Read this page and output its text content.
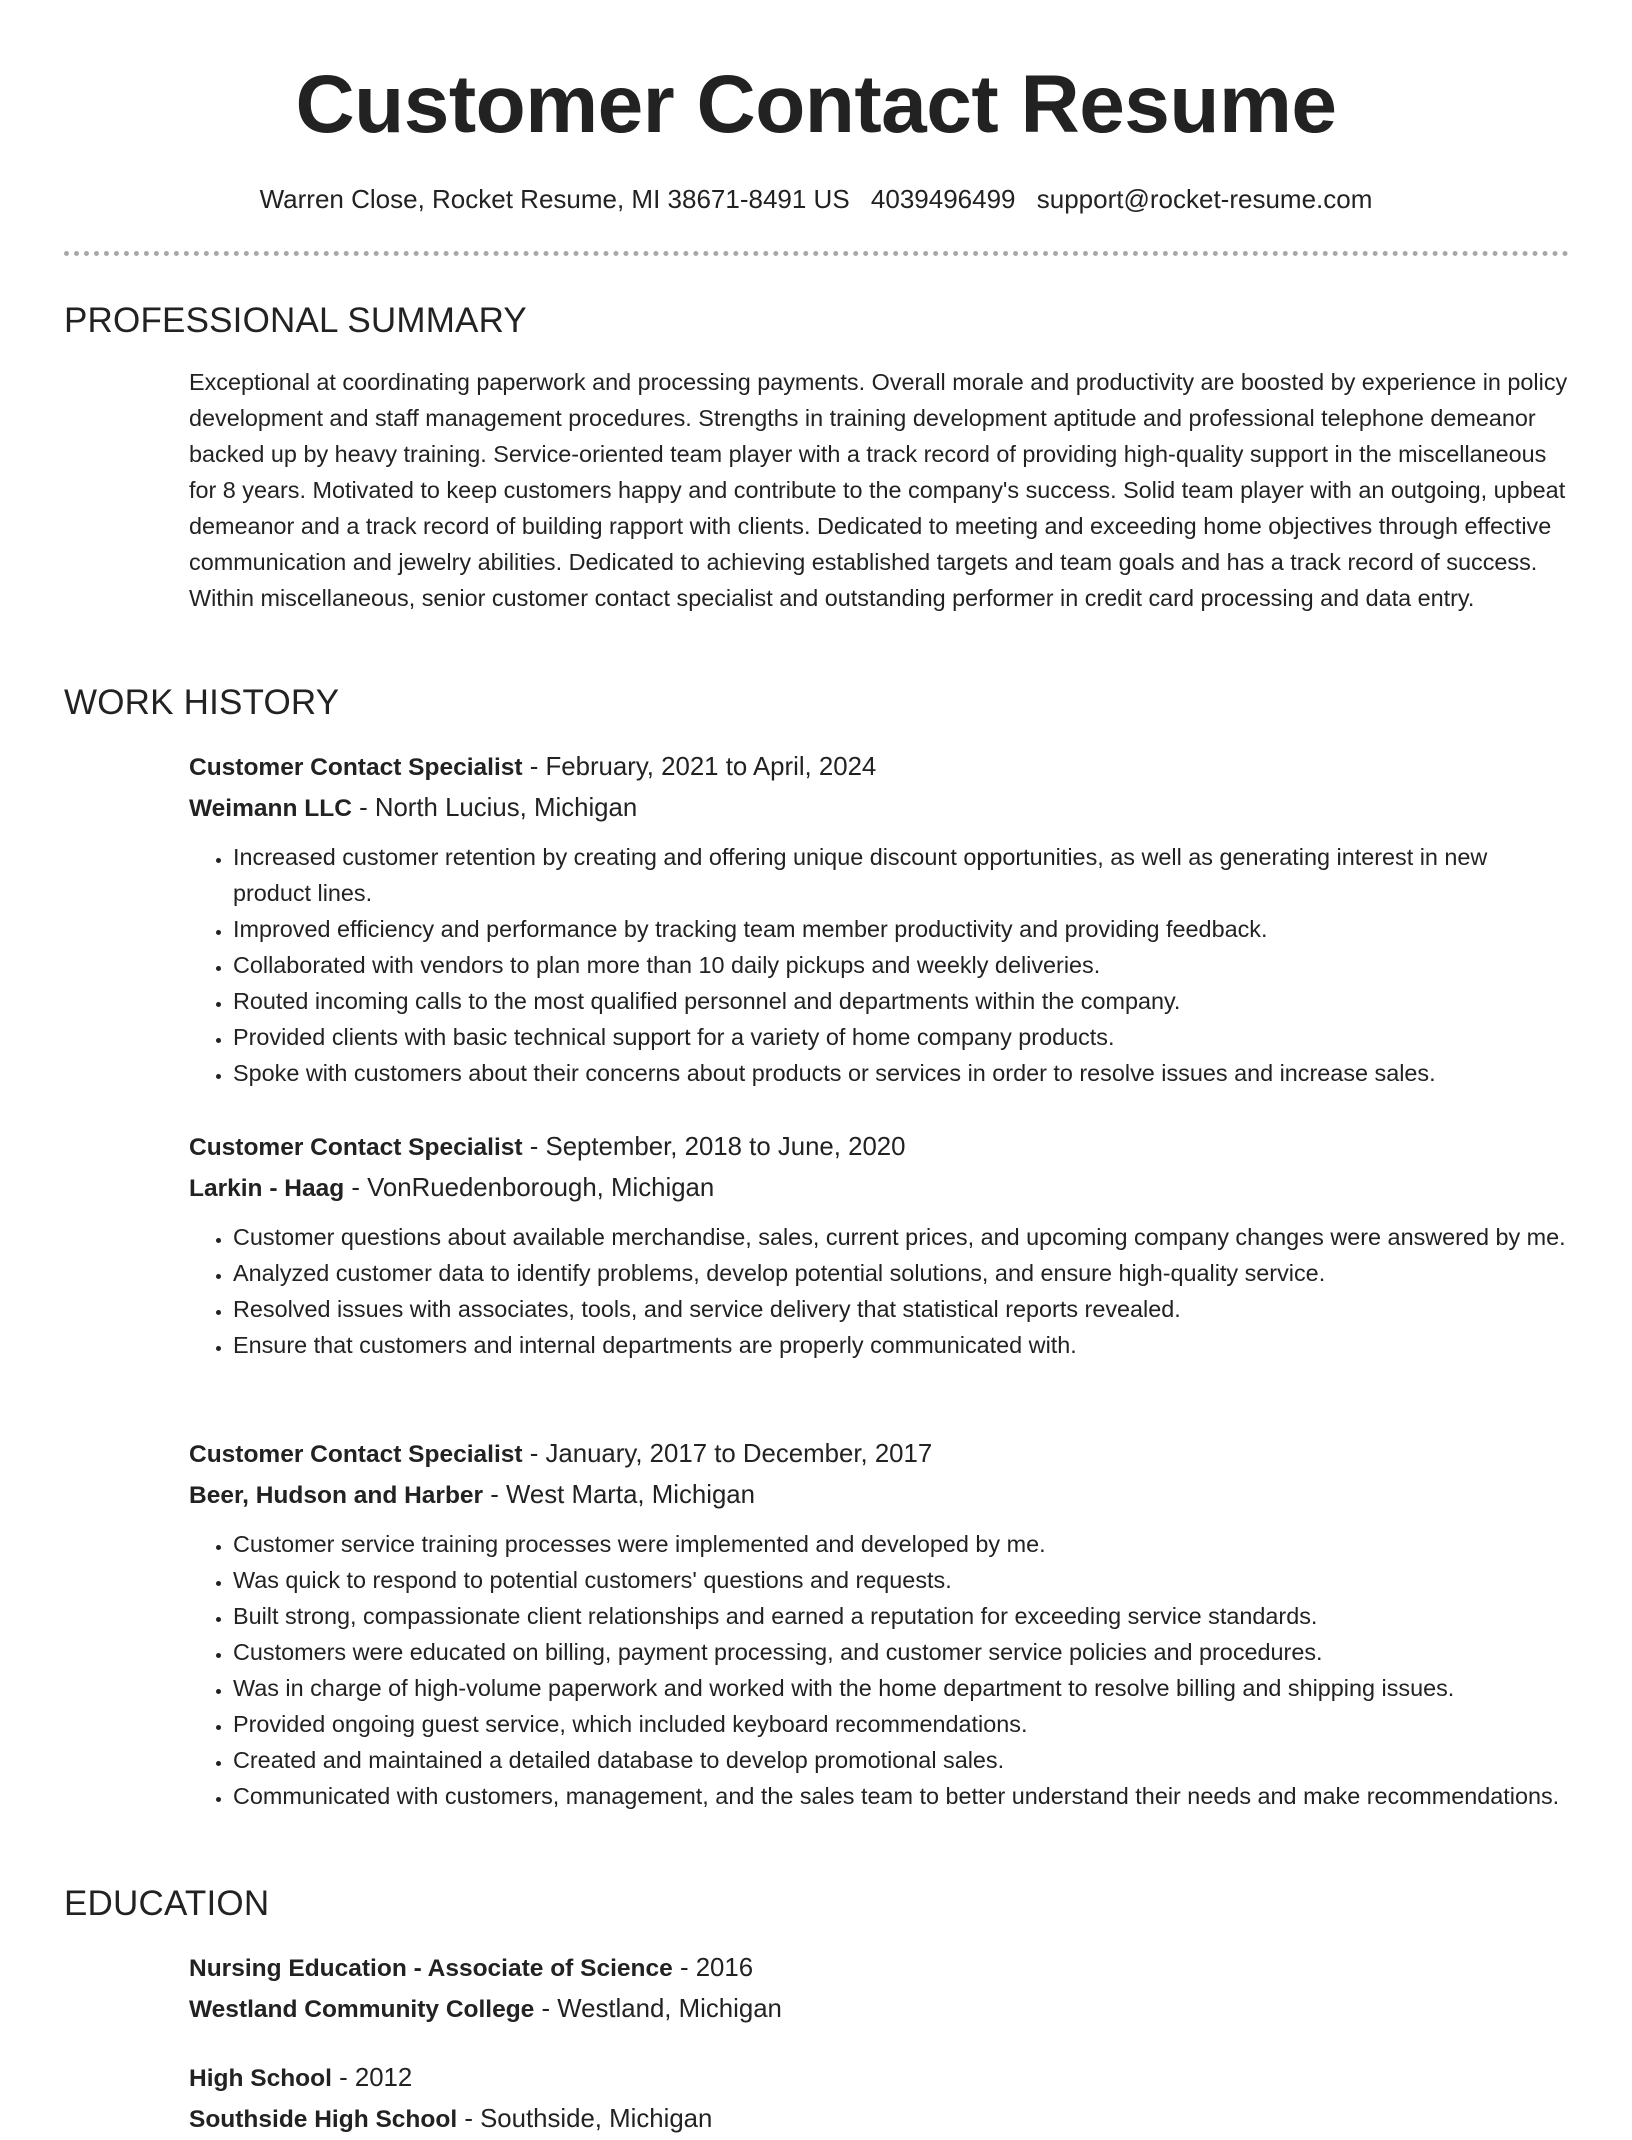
Customer Contact Resume
Warren Close, Rocket Resume, MI 38671-8491 US 4039496499 support@rocket-resume.com
PROFESSIONAL SUMMARY

Exceptional at coordinating paperwork and processing payments. Overall morale and productivity are boosted by experience in policy development and staff management procedures. Strengths in training development aptitude and professional telephone demeanor backed up by heavy training. Service-oriented team player with a track record of providing high-quality support in the miscellaneous for 8 years. Motivated to keep customers happy and contribute to the company's success. Solid team player with an outgoing, upbeat demeanor and a track record of building rapport with clients. Dedicated to meeting and exceeding home objectives through effective communication and jewelry abilities. Dedicated to achieving established targets and team goals and has a track record of success. Within miscellaneous, senior customer contact specialist and outstanding performer in credit card processing and data entry.

WORK HISTORY
Customer Contact Specialist - February, 2021 to April, 2024
Weimann LLC - North Lucius, Michigan
• Increased customer retention by creating and offering unique discount opportunities, as well as generating interest in new product lines.
• Improved efficiency and performance by tracking team member productivity and providing feedback.
• Collaborated with vendors to plan more than 10 daily pickups and weekly deliveries.
• Routed incoming calls to the most qualified personnel and departments within the company.
• Provided clients with basic technical support for a variety of home company products.
• Spoke with customers about their concerns about products or services in order to resolve issues and increase sales.
Customer Contact Specialist - September, 2018 to June, 2020
Larkin - Haag - VonRuedenborough, Michigan
• Customer questions about available merchandise, sales, current prices, and upcoming company changes were answered by me.
• Analyzed customer data to identify problems, develop potential solutions, and ensure high-quality service.
• Resolved issues with associates, tools, and service delivery that statistical reports revealed.
• Ensure that customers and internal departments are properly communicated with.
Customer Contact Specialist - January, 2017 to December, 2017
Beer, Hudson and Harber - West Marta, Michigan
• Customer service training processes were implemented and developed by me.
• Was quick to respond to potential customers' questions and requests.
• Built strong, compassionate client relationships and earned a reputation for exceeding service standards.
• Customers were educated on billing, payment processing, and customer service policies and procedures.
• Was in charge of high-volume paperwork and worked with the home department to resolve billing and shipping issues.
• Provided ongoing guest service, which included keyboard recommendations.
• Created and maintained a detailed database to develop promotional sales.
• Communicated with customers, management, and the sales team to better understand their needs and make recommendations.
EDUCATION
Nursing Education - Associate of Science - 2016
Westland Community College - Westland, Michigan
High School - 2012
Southside High School - Southside, Michigan
